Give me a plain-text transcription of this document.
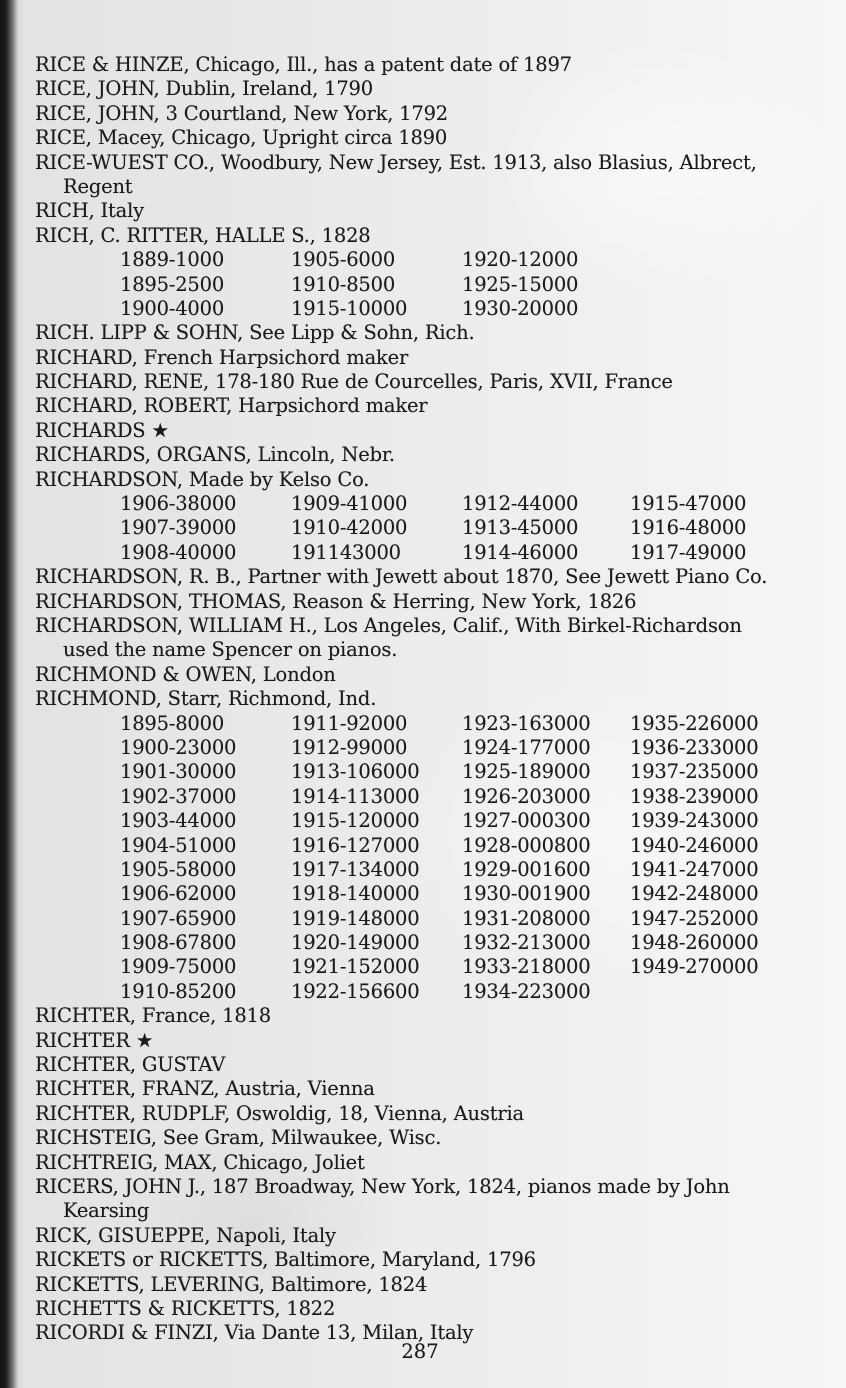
RICE & HINZE, Chicago, Ill., has a patent date of 1897
RICE, JOHN, Dublin, Ireland, 1790
RICE, JOHN, 3 Courtland, New York, 1792
RICE, Macey, Chicago, Upright circa 1890
RICE-WUEST CO., Woodbury, New Jersey, Est. 1913, also Blasius, Albrect,
Regent
RICH, Italy
RICH, C. RITTER, HALLE S., 1828
1889-1000	1905-6000	1920-12000
1895-2500	1910-8500	1925-15000
1900-4000	1915-10000	1930-20000
RICH. LIPP & SOHN, See Lipp & Sohn, Rich.
RICHARD, French Harpsichord maker
RICHARD, RENE, 178-180 Rue de Courcelles, Paris, XVII, France
RICHARD, ROBERT, Harpsichord maker
RICHARDS ★
RICHARDS, ORGANS, Lincoln, Nebr.
RICHARDSON, Made by Kelso Co.
1906-38000	1909-41000	1912-44000	1915-47000
1907-39000	1910-42000	1913-45000	1916-48000
1908-40000	191143000	1914-46000	1917-49000
RICHARDSON, R. B., Partner with Jewett about 1870, See Jewett Piano Co.
RICHARDSON, THOMAS, Reason & Herring, New York, 1826
RICHARDSON, WILLIAM H., Los Angeles, Calif., With Birkel-Richardson
used the name Spencer on pianos.
RICHMOND & OWEN, London
RICHMOND, Starr, Richmond, Ind.
1895-8000	1911-92000	1923-163000 1935-226000
1900-23000	1912-99000	1924-177000 1936-233000
1901-30000	1913-106000 1925-189000 1937-235000
1902-37000	1914-113000 1926-203000 1938-239000
1903-44000	1915-120000 1927-000300 1939-243000
1904-51000	1916-127000 1928-000800 1940-246000
1905-58000	1917-134000 1929-001600 1941-247000
1906-62000	1918-140000 1930-001900 1942-248000
1907-65900	1919-148000 1931-208000 1947-252000
1908-67800	1920-149000 1932-213000 1948-260000
1909-75000	1921-152000 1933-218000 1949-270000
1910-85200	1922-156600 1934-223000
RICHTER, France, 1818
RICHTER ★
RICHTER, GUSTAV
RICHTER, FRANZ, Austria, Vienna
RICHTER, RUDPLF, Oswoldig, 18, Vienna, Austria
RICHSTEIG, See Gram, Milwaukee, Wisc.
RICHTREIG, MAX, Chicago, Joliet
RICERS, JOHN J., 187 Broadway, New York, 1824, pianos made by John
Kearsing
RICK, GISUEPPE, Napoli, Italy
RICKETS or RICKETTS, Baltimore, Maryland, 1796
RICKETTS, LEVERING, Baltimore, 1824
RICHETTS & RICKETTS, 1822
RICORDI & FINZI, Via Dante 13, Milan, Italy
287
